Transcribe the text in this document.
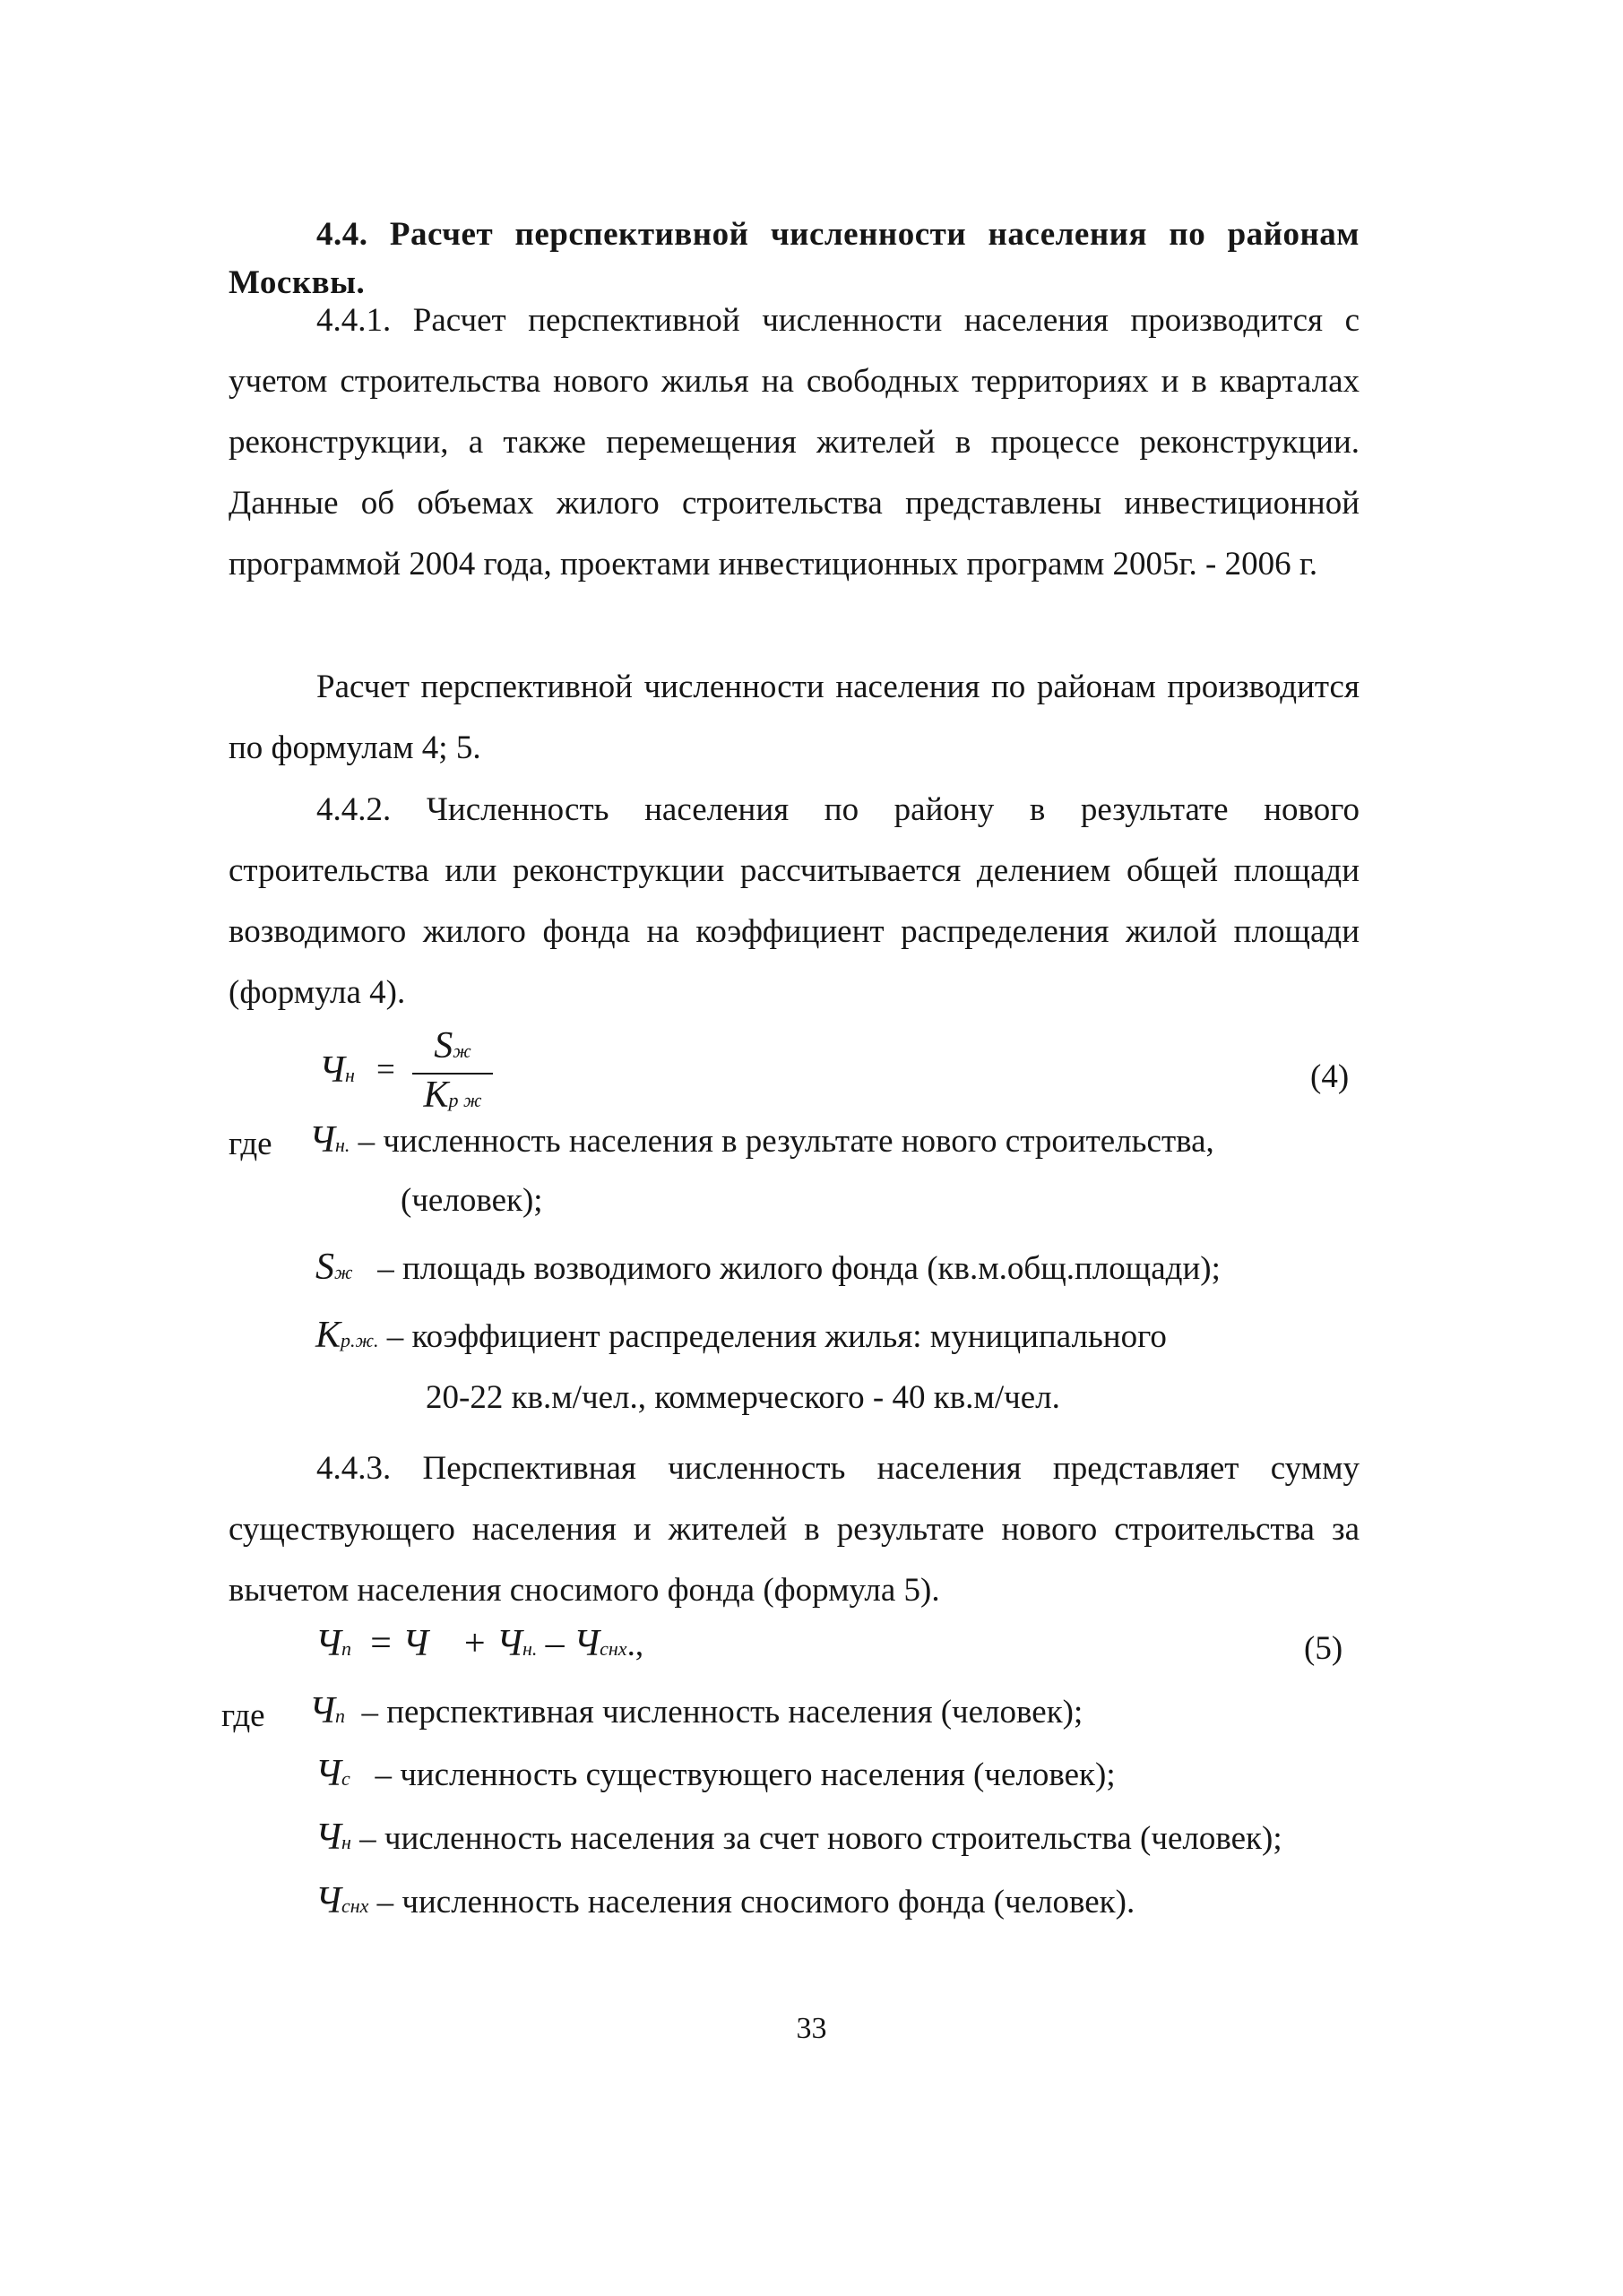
4.4. Расчет перспективной численности населения по районам Москвы.

4.4.1. Расчет перспективной численности населения производится с учетом строительства нового жилья на свободных территориях и в кварталах реконструкции, а также перемещения жителей в процессе реконструкции. Данные об объемах жилого строительства представлены инвестиционной программой 2004 года, проектами инвестиционных программ 2005г. - 2006 г.

Расчет перспективной численности населения по районам производится по формулам 4; 5.

4.4.2. Численность населения по району в результате нового строительства или реконструкции рассчитывается делением общей площади возводимого жилого фонда на коэффициент распределения жилой площади (формула 4).

Чн =
Sж
Kр ж
(4)
где Чн. – численность населения в результате нового строительства,
(человек);
Sж – площадь возводимого жилого фонда (кв.м.общ.площади);
Kр.ж. – коэффициент распределения жилья: муниципального
20-22 кв.м/чел., коммерческого - 40 кв.м/чел.

4.4.3. Перспективная численность населения представляет сумму существующего населения и жителей в результате нового строительства за вычетом населения сносимого фонда (формула 5).

Чп = Ч + Чн. – Чснх.,	(5)
где Чп – перспективная численность населения (человек);
Чс – численность существующего населения (человек);
Чн – численность населения за счет нового строительства (человек);
Чснх – численность населения сносимого фонда (человек).
33
